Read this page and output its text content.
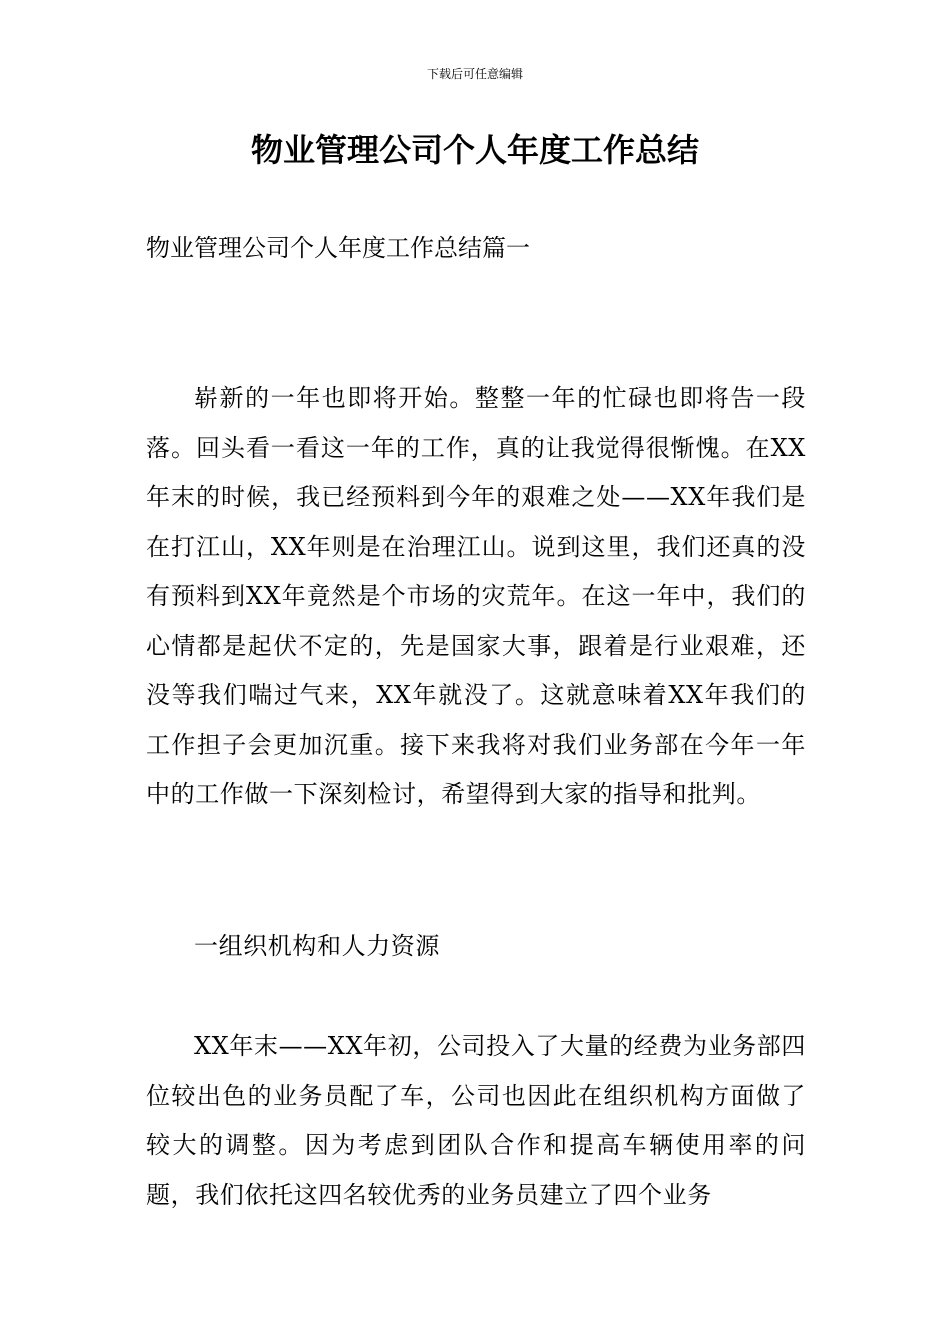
下载后可任意编辑
物业管理公司个人年度工作总结

物业管理公司个人年度工作总结篇一

崭新的一年也即将开始。整整一年的忙碌也即将告一段落。回头看一看这一年的工作，真的让我觉得很惭愧。在XX年末的时候，我已经预料到今年的艰难之处——XX年我们是在打江山，XX年则是在治理江山。说到这里，我们还真的没有预料到XX年竟然是个市场的灾荒年。在这一年中，我们的心情都是起伏不定的，先是国家大事，跟着是行业艰难，还没等我们喘过气来，XX年就没了。这就意味着XX年我们的工作担子会更加沉重。接下来我将对我们业务部在今年一年中的工作做一下深刻检讨，希望得到大家的指导和批判。

一组织机构和人力资源

XX年末——XX年初，公司投入了大量的经费为业务部四位较出色的业务员配了车，公司也因此在组织机构方面做了较大的调整。因为考虑到团队合作和提高车辆使用率的问题，我们依托这四名较优秀的业务员建立了四个业务
